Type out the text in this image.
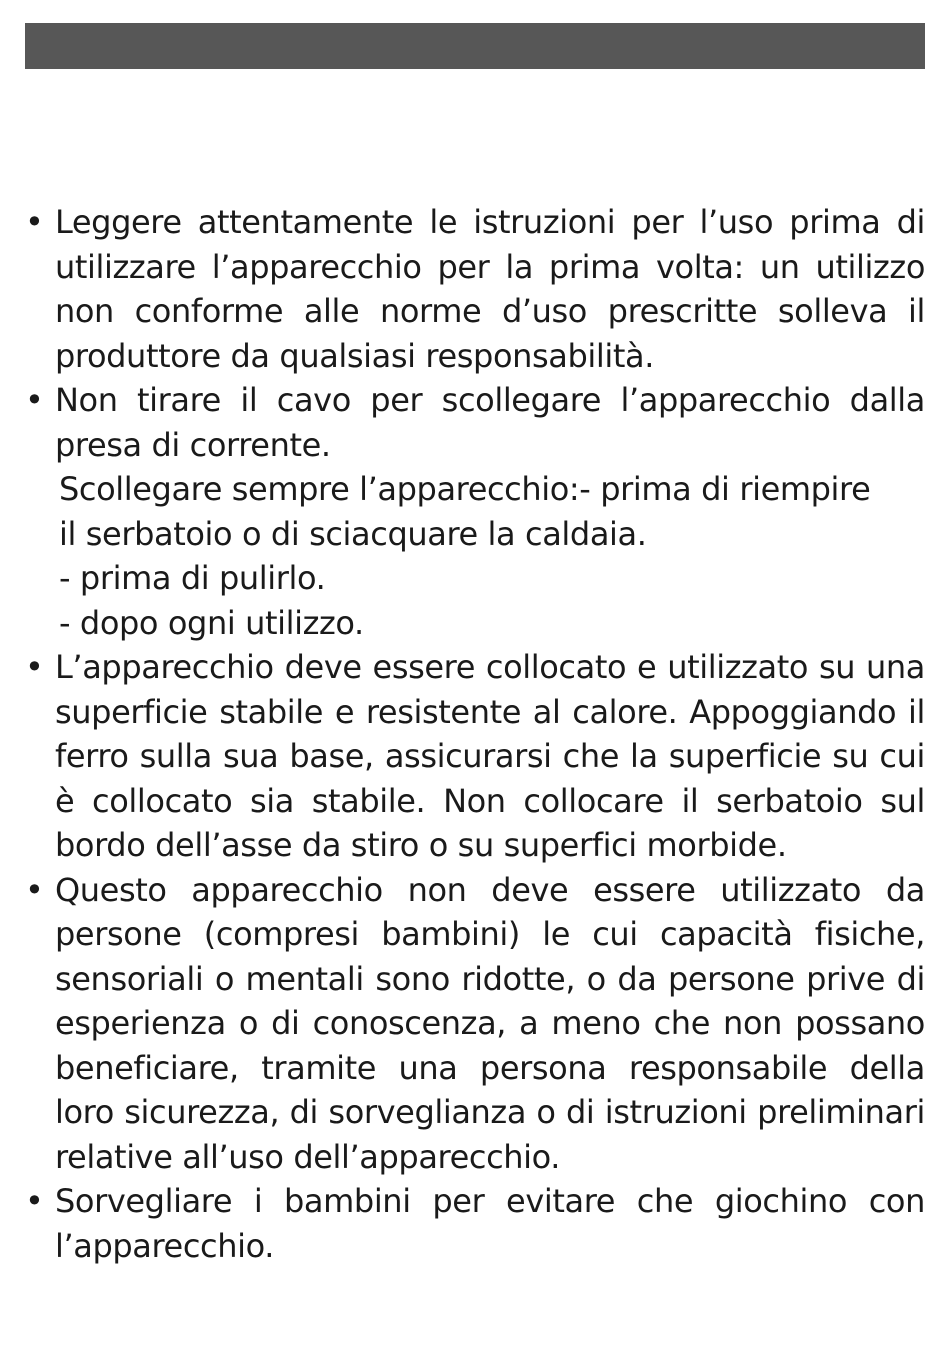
• Leggere attentamente le istruzioni per l’uso prima di utilizzare l’apparecchio per la prima volta: un utilizzo non conforme alle norme d’uso prescritte solleva il produttore da qualsiasi responsabilità.
• Non tirare il cavo per scollegare l’apparecchio dalla presa di corrente.
Scollegare sempre l’apparecchio:- prima di riempire
il serbatoio o di sciacquare la caldaia.
- prima di pulirlo.
- dopo ogni utilizzo.
• L’apparecchio deve essere collocato e utilizzato su una superficie stabile e resistente al calore. Appoggiando il ferro sulla sua base, assicurarsi che la superficie su cui è collocato sia stabile. Non collocare il serbatoio sul bordo dell’asse da stiro o su superfici morbide.
• Questo apparecchio non deve essere utilizzato da persone (compresi bambini) le cui capacità fisiche, sensoriali o mentali sono ridotte, o da persone prive di esperienza o di conoscenza, a meno che non possano beneficiare, tramite una persona responsabile della loro sicurezza, di sorveglianza o di istruzioni preliminari relative all’uso dell’apparecchio.
• Sorvegliare i bambini per evitare che giochino con l’apparecchio.
